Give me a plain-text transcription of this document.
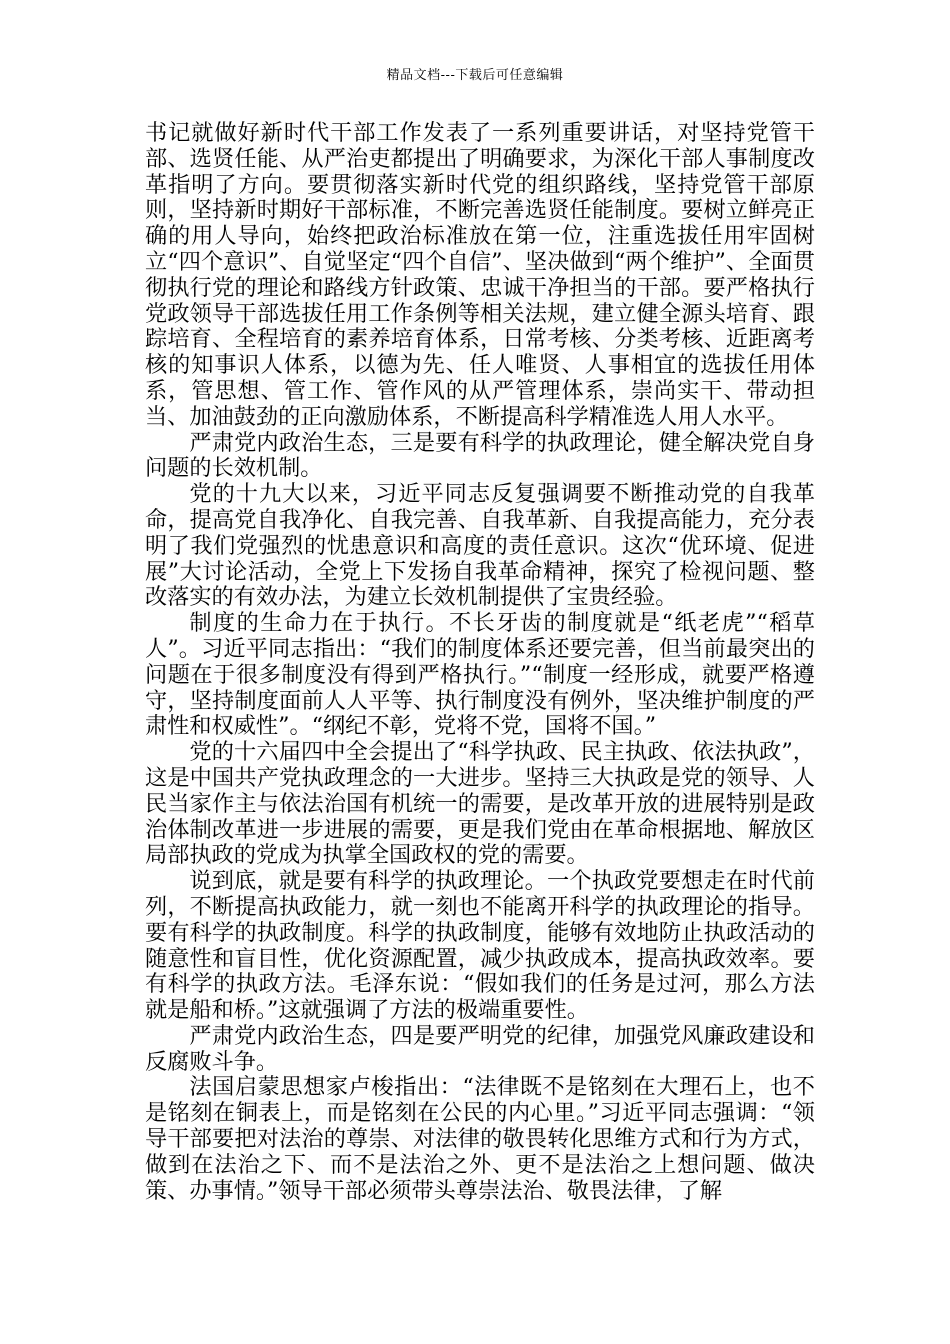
精品文档---下载后可任意编辑

书记就做好新时代干部工作发表了一系列重要讲话，对坚持党管干部、选贤任能、从严治吏都提出了明确要求，为深化干部人事制度改革指明了方向。要贯彻落实新时代党的组织路线，坚持党管干部原则，坚持新时期好干部标准，不断完善选贤任能制度。要树立鲜亮正确的用人导向，始终把政治标准放在第一位，注重选拔任用牢固树立“四个意识”、自觉坚定“四个自信”、坚决做到“两个维护”、全面贯彻执行党的理论和路线方针政策、忠诚干净担当的干部。要严格执行党政领导干部选拔任用工作条例等相关法规，建立健全源头培育、跟踪培育、全程培育的素养培育体系，日常考核、分类考核、近距离考核的知事识人体系，以德为先、任人唯贤、人事相宜的选拔任用体系，管思想、管工作、管作风的从严管理体系，崇尚实干、带动担当、加油鼓劲的正向激励体系，不断提高科学精准选人用人水平。

严肃党内政治生态，三是要有科学的执政理论，健全解决党自身问题的长效机制。

党的十九大以来，习近平同志反复强调要不断推动党的自我革命，提高党自我净化、自我完善、自我革新、自我提高能力，充分表明了我们党强烈的忧患意识和高度的责任意识。这次“优环境、促进展”大讨论活动，全党上下发扬自我革命精神，探究了检视问题、整改落实的有效办法，为建立长效机制提供了宝贵经验。

制度的生命力在于执行。不长牙齿的制度就是“纸老虎”“稻草人”。习近平同志指出：“我们的制度体系还要完善，但当前最突出的问题在于很多制度没有得到严格执行。”“制度一经形成，就要严格遵守，坚持制度面前人人平等、执行制度没有例外，坚决维护制度的严肃性和权威性”。“纲纪不彰，党将不党，国将不国。”

党的十六届四中全会提出了“科学执政、民主执政、依法执政”，这是中国共产党执政理念的一大进步。坚持三大执政是党的领导、人民当家作主与依法治国有机统一的需要，是改革开放的进展特别是政治体制改革进一步进展的需要，更是我们党由在革命根据地、解放区局部执政的党成为执掌全国政权的党的需要。

说到底，就是要有科学的执政理论。一个执政党要想走在时代前列，不断提高执政能力，就一刻也不能离开科学的执政理论的指导。要有科学的执政制度。科学的执政制度，能够有效地防止执政活动的随意性和盲目性，优化资源配置，减少执政成本，提高执政效率。要有科学的执政方法。毛泽东说：“假如我们的任务是过河，那么方法就是船和桥。”这就强调了方法的极端重要性。

严肃党内政治生态，四是要严明党的纪律，加强党风廉政建设和反腐败斗争。

法国启蒙思想家卢梭指出：“法律既不是铭刻在大理石上，也不是铭刻在铜表上，而是铭刻在公民的内心里。”习近平同志强调：“领导干部要把对法治的尊崇、对法律的敬畏转化思维方式和行为方式，做到在法治之下、而不是法治之外、更不是法治之上想问题、做决策、办事情。”领导干部必须带头尊崇法治、敬畏法律，了解
